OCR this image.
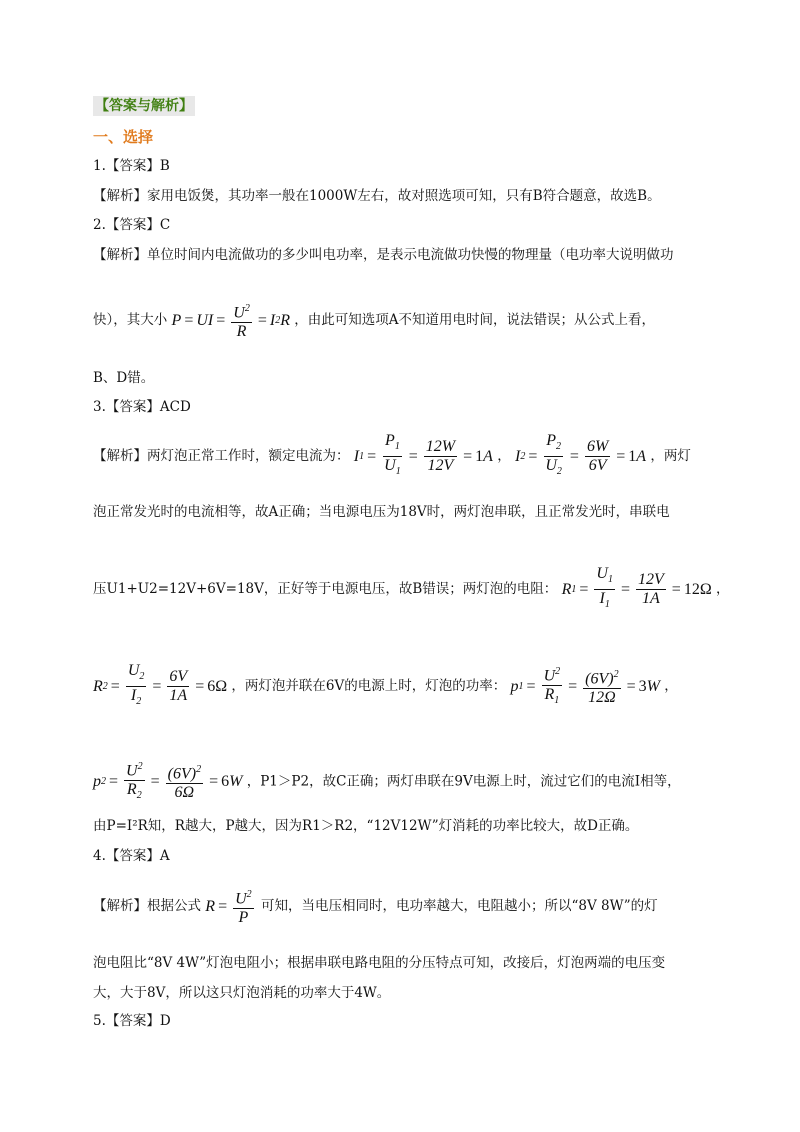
【答案与解析】
一、选择
1.【答案】B
【解析】家用电饭煲，其功率一般在1000W左右，故对照选项可知，只有B符合题意，故选B。
2.【答案】C
【解析】单位时间内电流做功的多少叫电功率，是表示电流做功快慢的物理量（电功率大说明做功
快），其大小 P = UI = $\frac{U^2}{R} = I$ 2 R ，由此可知选项A不知道用电时间，说法错误；从公式上看，
B、D错。
3.【答案】ACD
【解析】两灯泡正常工作时，额定电流为： I $1 = \frac{P_1}{U_1} = \frac{12W}{12V} = 1$ A ， I $2 = \frac{P_2}{U_2} = \frac{6W}{6V} = 1$ A ，两灯
泡正常发光时的电流相等，故A正确；当电源电压为18V时，两灯泡串联，且正常发光时，串联电
压U1+U2=12V+6V=18V，正好等于电源电压，故B错误；两灯泡的电阻： R $1 = \frac{U_1}{I_1} = \frac{12V}{1A} = 12\Omega$ ，
R $2 = \frac{U_2}{I_2} = \frac{6V}{1A} = 6\Omega$ ，两灯泡并联在6V的电源上时，灯泡的功率： p $1 = \frac{U^2}{R_1} = \frac{(6V)^2}{12\Omega} = 3$ W ，
p $2 = \frac{U^2}{R_2} = \frac{(6V)^2}{6\Omega} = 6$ W ，P1＞P2，故C正确；两灯串联在9V电源上时，流过它们的电流I相等，
由P=I²R知，R越大，P越大，因为R1＞R2，“12V12W”灯消耗的功率比较大，故D正确。
4.【答案】A
【解析】根据公式 $R = \frac{U^2}{P}$ 可知，当电压相同时，电功率越大，电阻越小；所以“8V 8W”的灯
泡电阻比“8V 4W”灯泡电阻小；根据串联电路电阻的分压特点可知，改接后，灯泡两端的电压变
大，大于8V，所以这只灯泡消耗的功率大于4W。
5.【答案】D
